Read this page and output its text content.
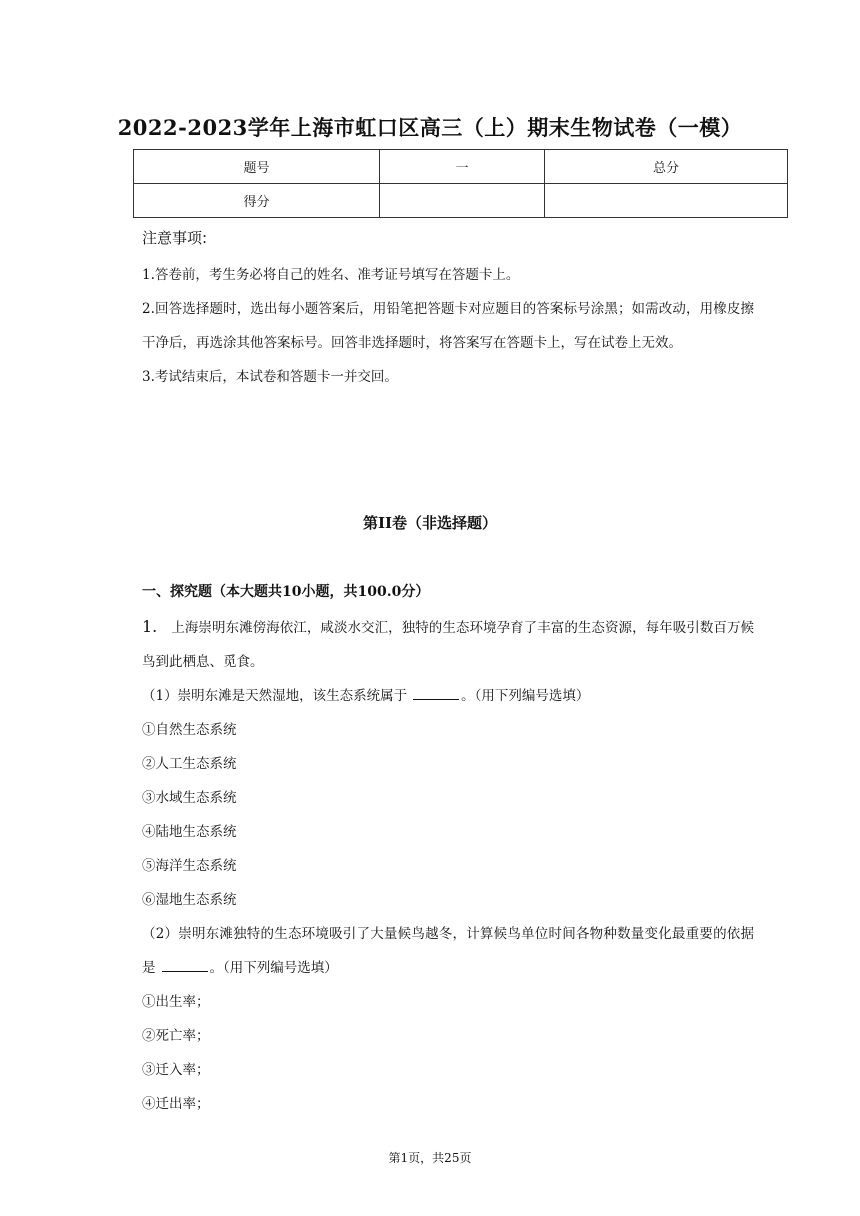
2022-2023学年上海市虹口区高三（上）期末生物试卷（一模）
题号	一	总分
得分		
注意事项:

1.答卷前，考生务必将自己的姓名、准考证号填写在答题卡上。

2.回答选择题时，选出每小题答案后，用铅笔把答题卡对应题目的答案标号涂黑；如需改动，用橡皮擦干净后，再选涂其他答案标号。回答非选择题时，将答案写在答题卡上，写在试卷上无效。

3.考试结束后，本试卷和答题卡一并交回。

第II卷（非选择题）
一、探究题（本大题共10小题，共100.0分）

1. 上海崇明东滩傍海依江，咸淡水交汇，独特的生态环境孕育了丰富的生态资源，每年吸引数百万候鸟到此栖息、觅食。

（1）崇明东滩是天然湿地，该生态系统属于	。（用下列编号选填）

①自然生态系统

②人工生态系统

③水域生态系统

④陆地生态系统

⑤海洋生态系统

⑥湿地生态系统

（2）崇明东滩独特的生态环境吸引了大量候鸟越冬，计算候鸟单位时间各物种数量变化最重要的依据是	。（用下列编号选填）

①出生率；

②死亡率；

③迁入率；

④迁出率；

第1页，共25页
